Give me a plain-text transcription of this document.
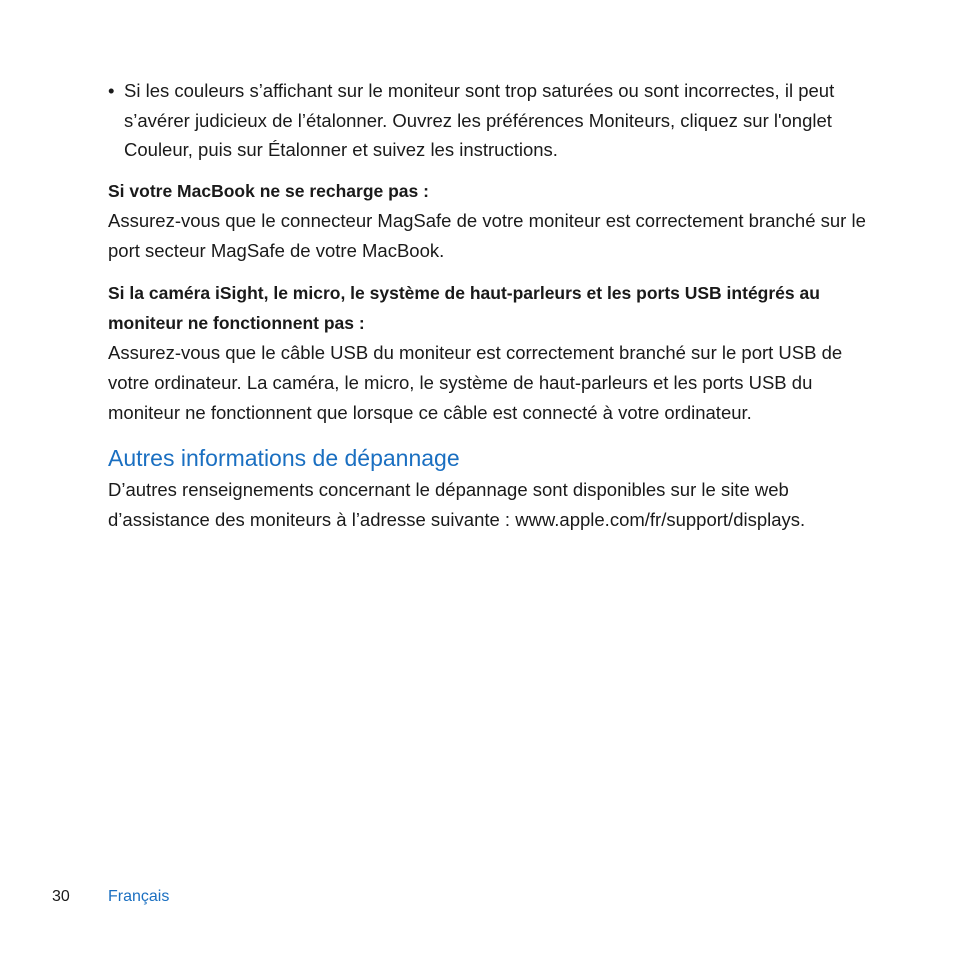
• Si les couleurs s’affichant sur le moniteur sont trop saturées ou sont incorrectes, il peut s’avérer judicieux de l’étalonner. Ouvrez les préférences Moniteurs, cliquez sur l'onglet Couleur, puis sur Étalonner et suivez les instructions.
Si votre MacBook ne se recharge pas :
Assurez-vous que le connecteur MagSafe de votre moniteur est correctement branché sur le port secteur MagSafe de votre MacBook.
Si la caméra iSight, le micro, le système de haut-parleurs et les ports USB intégrés au moniteur ne fonctionnent pas :
Assurez-vous que le câble USB du moniteur est correctement branché sur le port USB de votre ordinateur. La caméra, le micro, le système de haut-parleurs et les ports USB du moniteur ne fonctionnent que lorsque ce câble est connecté à votre ordinateur.
Autres informations de dépannage
D’autres renseignements concernant le dépannage sont disponibles sur le site web d’assistance des moniteurs à l’adresse suivante : www.apple.com/fr/support/displays.
30 Français
